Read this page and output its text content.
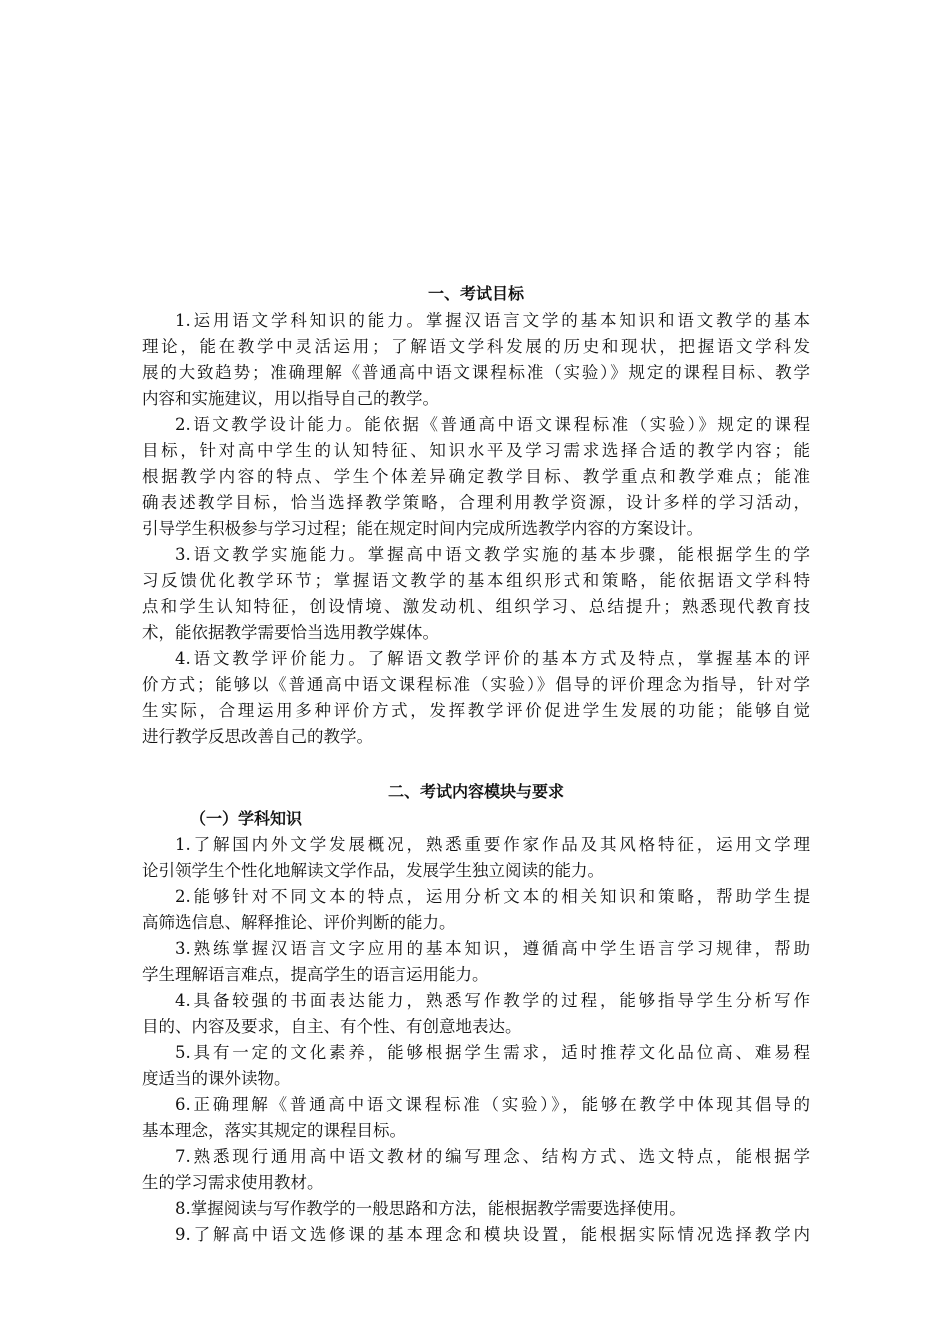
一、考试目标
1.运用语文学科知识的能力。掌握汉语言文学的基本知识和语文教学的基本
理论，能在教学中灵活运用；了解语文学科发展的历史和现状，把握语文学科发
展的大致趋势；准确理解《普通高中语文课程标准（实验）》规定的课程目标、教学
内容和实施建议，用以指导自己的教学。
2.语文教学设计能力。能依据《普通高中语文课程标准（实验）》规定的课程
目标，针对高中学生的认知特征、知识水平及学习需求选择合适的教学内容；能
根据教学内容的特点、学生个体差异确定教学目标、教学重点和教学难点；能准
确表述教学目标，恰当选择教学策略，合理利用教学资源，设计多样的学习活动，
引导学生积极参与学习过程；能在规定时间内完成所选教学内容的方案设计。
3.语文教学实施能力。掌握高中语文教学实施的基本步骤，能根据学生的学
习反馈优化教学环节；掌握语文教学的基本组织形式和策略，能依据语文学科特
点和学生认知特征，创设情境、激发动机、组织学习、总结提升；熟悉现代教育技
术，能依据教学需要恰当选用教学媒体。
4.语文教学评价能力。了解语文教学评价的基本方式及特点，掌握基本的评
价方式；能够以《普通高中语文课程标准（实验）》倡导的评价理念为指导，针对学
生实际，合理运用多种评价方式，发挥教学评价促进学生发展的功能；能够自觉
进行教学反思改善自己的教学。
二、考试内容模块与要求
（一）学科知识
1.了解国内外文学发展概况，熟悉重要作家作品及其风格特征，运用文学理
论引领学生个性化地解读文学作品，发展学生独立阅读的能力。
2.能够针对不同文本的特点，运用分析文本的相关知识和策略，帮助学生提
高筛选信息、解释推论、评价判断的能力。
3.熟练掌握汉语言文字应用的基本知识，遵循高中学生语言学习规律，帮助
学生理解语言难点，提高学生的语言运用能力。
4.具备较强的书面表达能力，熟悉写作教学的过程，能够指导学生分析写作
目的、内容及要求，自主、有个性、有创意地表达。
5.具有一定的文化素养，能够根据学生需求，适时推荐文化品位高、难易程
度适当的课外读物。
6.正确理解《普通高中语文课程标准（实验）》，能够在教学中体现其倡导的
基本理念，落实其规定的课程目标。
7.熟悉现行通用高中语文教材的编写理念、结构方式、选文特点，能根据学
生的学习需求使用教材。
8.掌握阅读与写作教学的一般思路和方法，能根据教学需要选择使用。
9.了解高中语文选修课的基本理念和模块设置，能根据实际情况选择教学内
